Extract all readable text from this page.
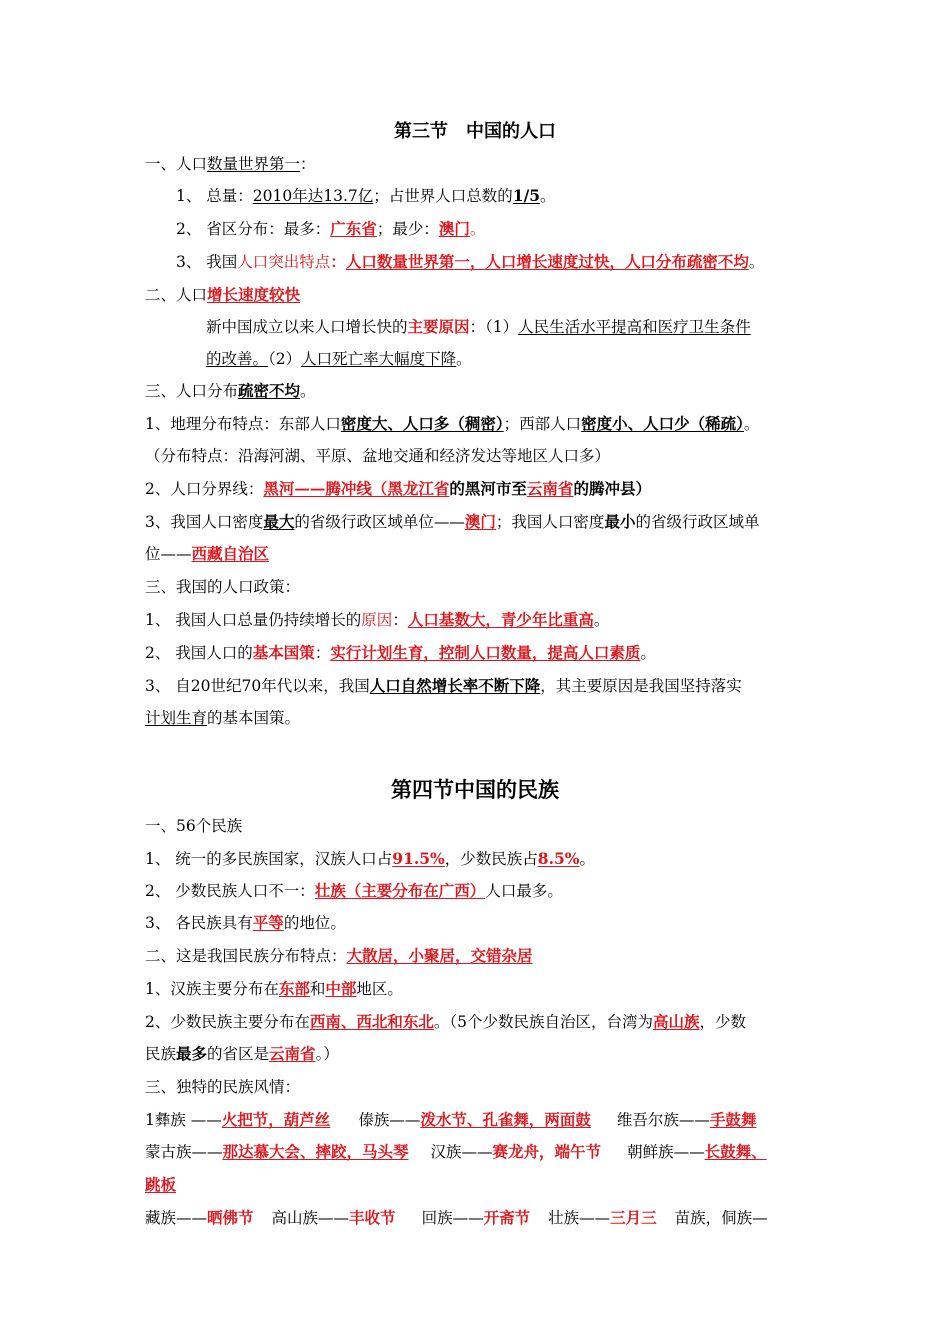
第三节　中国的人口
一、人口数量世界第一：
1、 总量：2010年达13.7亿；占世界人口总数的1/5。
2、 省区分布：最多：广东省；最少：澳门。
3、 我国人口突出特点：人口数量世界第一，人口增长速度过快，人口分布疏密不均。
二、人口增长速度较快
新中国成立以来人口增长快的主要原因：（1）人民生活水平提高和医疗卫生条件
的改善。（2）人口死亡率大幅度下降。
三、人口分布疏密不均。
1、地理分布特点：东部人口密度大、人口多（稠密）；西部人口密度小、人口少（稀疏）。
（分布特点：沿海河湖、平原、盆地交通和经济发达等地区人口多）
2、人口分界线：黑河——腾冲线（黑龙江省的黑河市至云南省的腾冲县）
3、我国人口密度最大的省级行政区域单位——澳门；我国人口密度最小的省级行政区域单
位——西藏自治区
三、我国的人口政策：
1、 我国人口总量仍持续增长的原因：人口基数大，青少年比重高。
2、 我国人口的基本国策：实行计划生育，控制人口数量，提高人口素质。
3、 自20世纪70年代以来，我国人口自然增长率不断下降，其主要原因是我国坚持落实
计划生育的基本国策。
第四节中国的民族
一、56个民族
1、 统一的多民族国家，汉族人口占91.5%，少数民族占8.5%。
2、 少数民族人口不一：壮族（主要分布在广西）人口最多。
3、 各民族具有平等的地位。
二、这是我国民族分布特点：大散居，小聚居，交错杂居
1、汉族主要分布在东部和中部地区。
2、少数民族主要分布在西南、西北和东北。（5个少数民族自治区，台湾为高山族，少数
民族最多的省区是云南省。）
三、独特的民族风情：
1彝族 ——火把节，葫芦丝 傣族——泼水节、孔雀舞，两面鼓 维吾尔族——手鼓舞
蒙古族——那达慕大会、摔跤，马头琴 汉族——赛龙舟，端午节 朝鲜族——长鼓舞、
跳板
藏族——晒佛节 高山族——丰收节 回族——开斋节 壮族——三月三 苗族，侗族—
